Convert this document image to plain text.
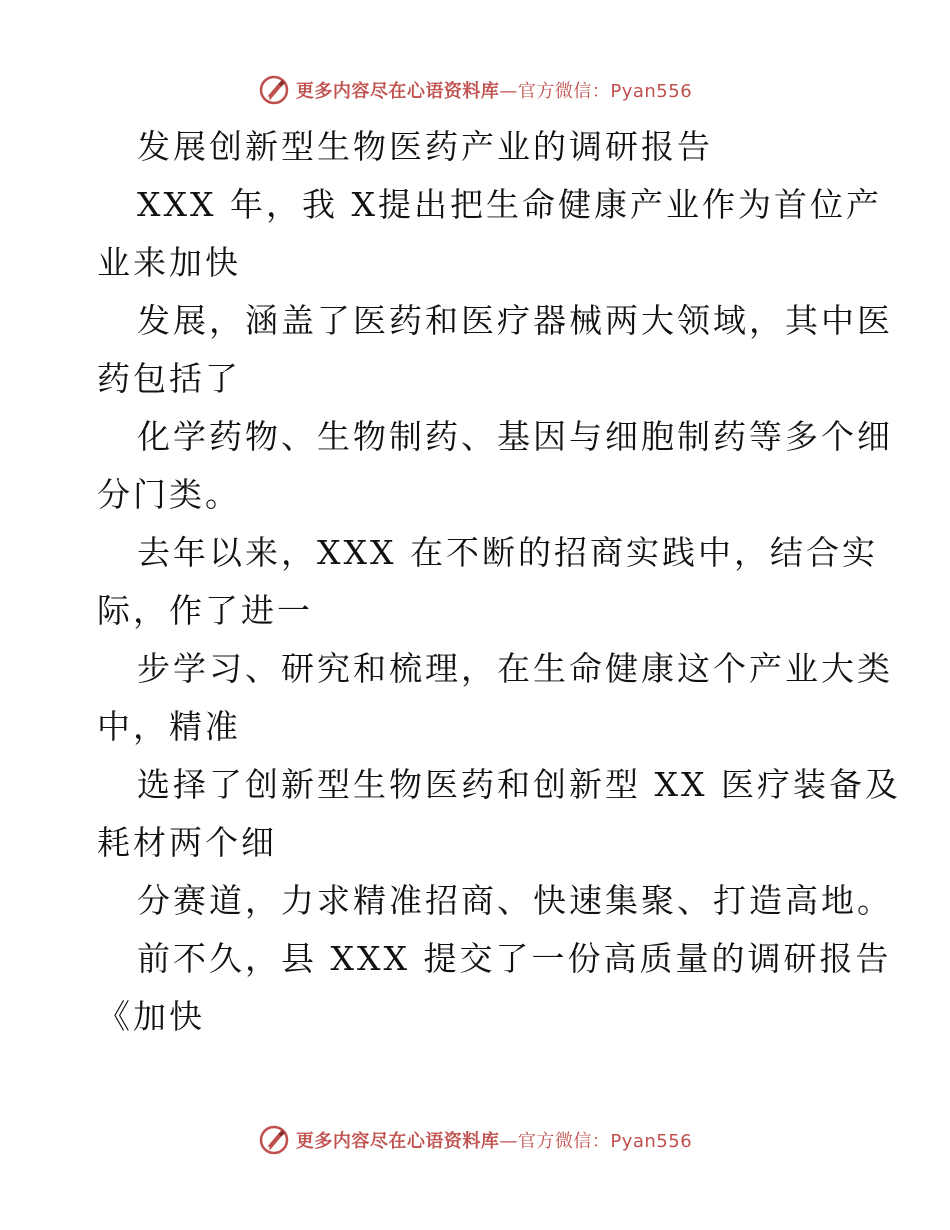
更多内容尽在心语资料库—官方微信：Pyan556
发展创新型生物医药产业的调研报告
XXX 年，我 X提出把生命健康产业作为首位产
业来加快
发展，涵盖了医药和医疗器械两大领域，其中医
药包括了
化学药物、生物制药、基因与细胞制药等多个细
分门类。
去年以来，XXX 在不断的招商实践中，结合实
际，作了进一
步学习、研究和梳理，在生命健康这个产业大类
中，精准
选择了创新型生物医药和创新型 XX 医疗装备及
耗材两个细
分赛道，力求精准招商、快速集聚、打造高地。
前不久，县 XXX 提交了一份高质量的调研报告
《加快
更多内容尽在心语资料库—官方微信：Pyan556
